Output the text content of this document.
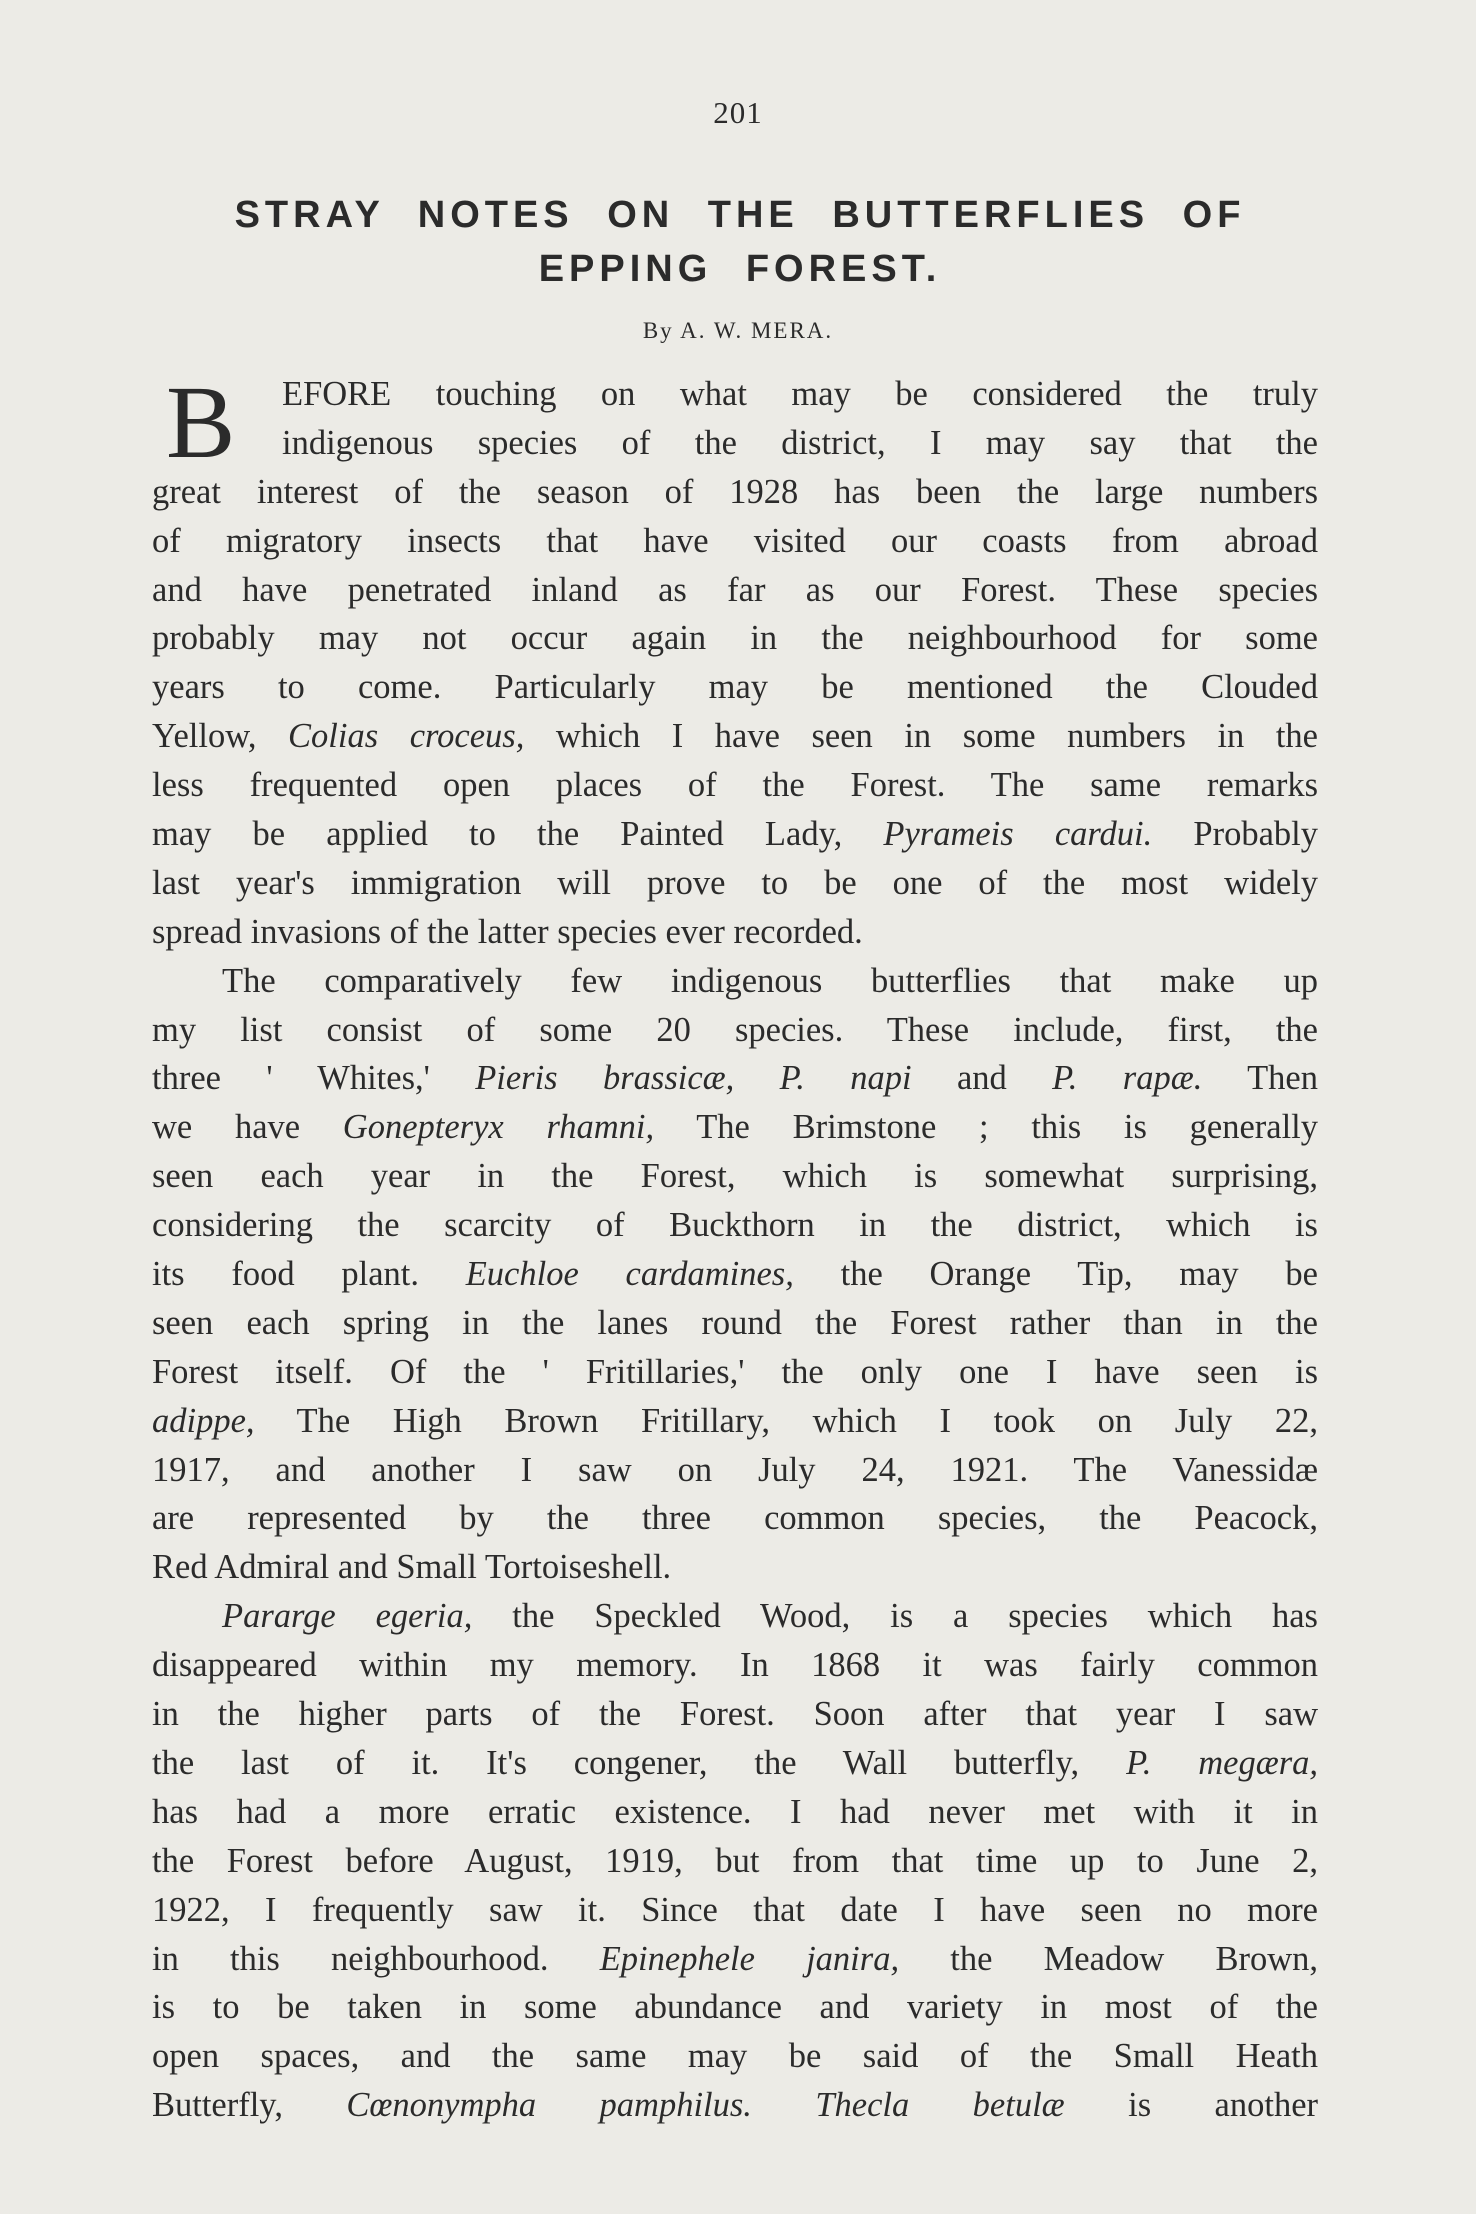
201
STRAY NOTES ON THE BUTTERFLIES OF
EPPING FOREST.
By A. W. MERA.
B	EFORE touching on what may be considered the truly
indigenous species of the district, I may say that the
great interest of the season of 1928 has been the large numbers
of migratory insects that have visited our coasts from abroad
and have penetrated inland as far as our Forest. These species
probably may not occur again in the neighbourhood for some
years to come. Particularly may be mentioned the Clouded
Yellow, Colias croceus, which I have seen in some numbers in the
less frequented open places of the Forest. The same remarks
may be applied to the Painted Lady, Pyrameis cardui. Probably
last year's immigration will prove to be one of the most widely
spread invasions of the latter species ever recorded.
The comparatively few indigenous butterflies that make up
my list consist of some 20 species. These include, first, the
three ' Whites,' Pieris brassicæ, P. napi and P. rapæ. Then
we have Gonepteryx rhamni, The Brimstone ; this is generally
seen each year in the Forest, which is somewhat surprising,
considering the scarcity of Buckthorn in the district, which is
its food plant. Euchloe cardamines, the Orange Tip, may be
seen each spring in the lanes round the Forest rather than in the
Forest itself. Of the ' Fritillaries,' the only one I have seen is
adippe, The High Brown Fritillary, which I took on July 22,
1917, and another I saw on July 24, 1921. The Vanessidæ
are represented by the three common species, the Peacock,
Red Admiral and Small Tortoiseshell.
Pararge egeria, the Speckled Wood, is a species which has
disappeared within my memory. In 1868 it was fairly common
in the higher parts of the Forest. Soon after that year I saw
the last of it. It's congener, the Wall butterfly, P. megæra,
has had a more erratic existence. I had never met with it in
the Forest before August, 1919, but from that time up to June 2,
1922, I frequently saw it. Since that date I have seen no more
in this neighbourhood. Epinephele janira, the Meadow Brown,
is to be taken in some abundance and variety in most of the
open spaces, and the same may be said of the Small Heath
Butterfly, Cœnonympha pamphilus. Thecla betulæ is another
